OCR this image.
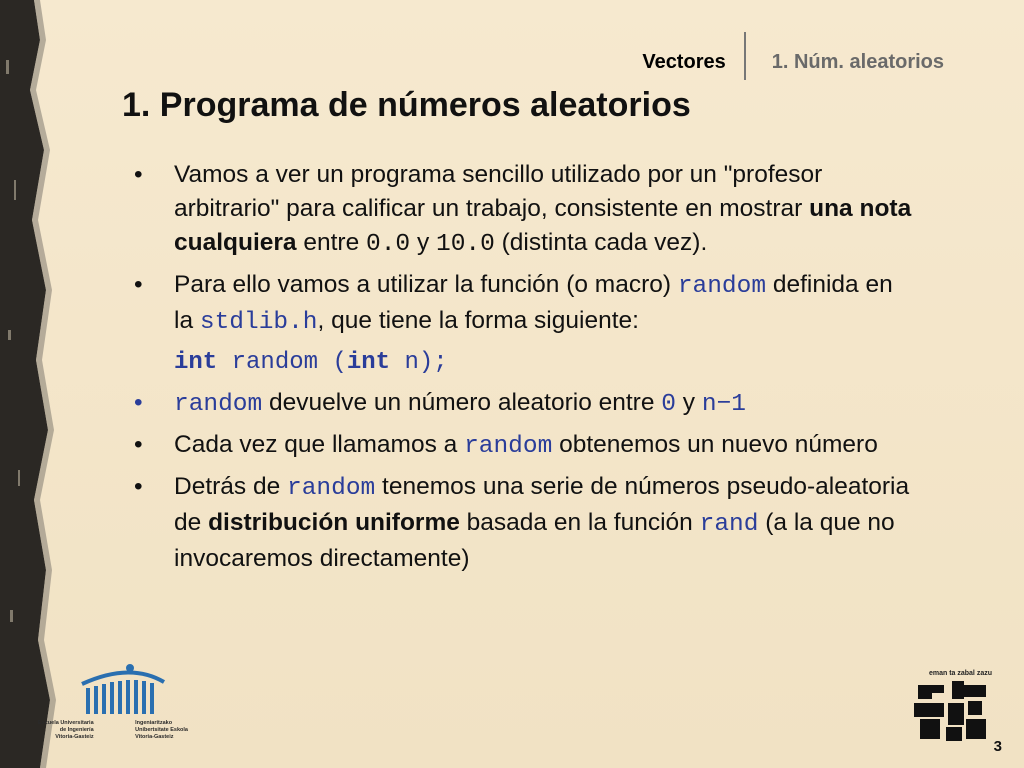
Vectores	1. Núm. aleatorios
1. Programa de números aleatorios
• Vamos a ver un programa sencillo utilizado por un "profesor arbitrario" para calificar un trabajo, consistente en mostrar una nota cualquiera entre 0.0 y 10.0 (distinta cada vez).
• Para ello vamos a utilizar la función (o macro) random definida en la stdlib.h, que tiene la forma siguiente:
int random (int n);
• random devuelve un número aleatorio entre 0 y n−1
• Cada vez que llamamos a random obtenemos un nuevo número
• Detrás de random tenemos una serie de números pseudo-aleatoria de distribución uniforme basada en la función rand (a la que no invocaremos directamente)
Escuela Universitaria
de Ingeniería
Vitoria-Gasteiz
Ingeniaritzako
Unibertsitate Eskola
Vitoria-Gasteiz
eman ta zabal zazu
3
